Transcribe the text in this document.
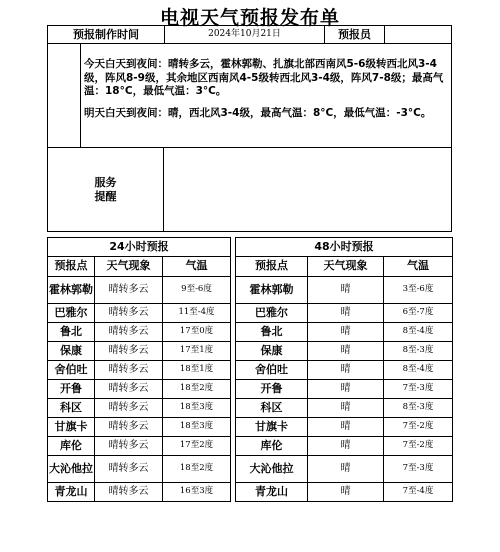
电视天气预报发布单
预报制作时间	2024年10月21日	预报员
今天白天到夜间：晴转多云，霍林郭勒、扎旗北部西南风5-6级转西北风3-4级，阵风8-9级，其余地区西南风4-5级转西北风3-4级，阵风7-8级；最高气温：18°C，最低气温：3°C。
明天白天到夜间：晴，西北风3-4级，最高气温：8°C，最低气温：-3°C。
服务
提醒
24小时预报		
预报点	天气现象	气温
霍林郭勒	晴转多云	9至-6度
巴雅尔	晴转多云	11至-4度
鲁北	晴转多云	17至0度
保康	晴转多云	17至1度
舍伯吐	晴转多云	18至1度
开鲁	晴转多云	18至2度
科区	晴转多云	18至3度
甘旗卡	晴转多云	18至3度
库伦	晴转多云	17至2度
大沁他拉	晴转多云	18至2度
青龙山	晴转多云	16至3度
48小时预报		
预报点	天气现象	气温
霍林郭勒	晴	3至-6度
巴雅尔	晴	6至-7度
鲁北	晴	8至-4度
保康	晴	8至-3度
舍伯吐	晴	8至-4度
开鲁	晴	7至-3度
科区	晴	8至-3度
甘旗卡	晴	7至-2度
库伦	晴	7至-2度
大沁他拉	晴	7至-3度
青龙山	晴	7至-4度
